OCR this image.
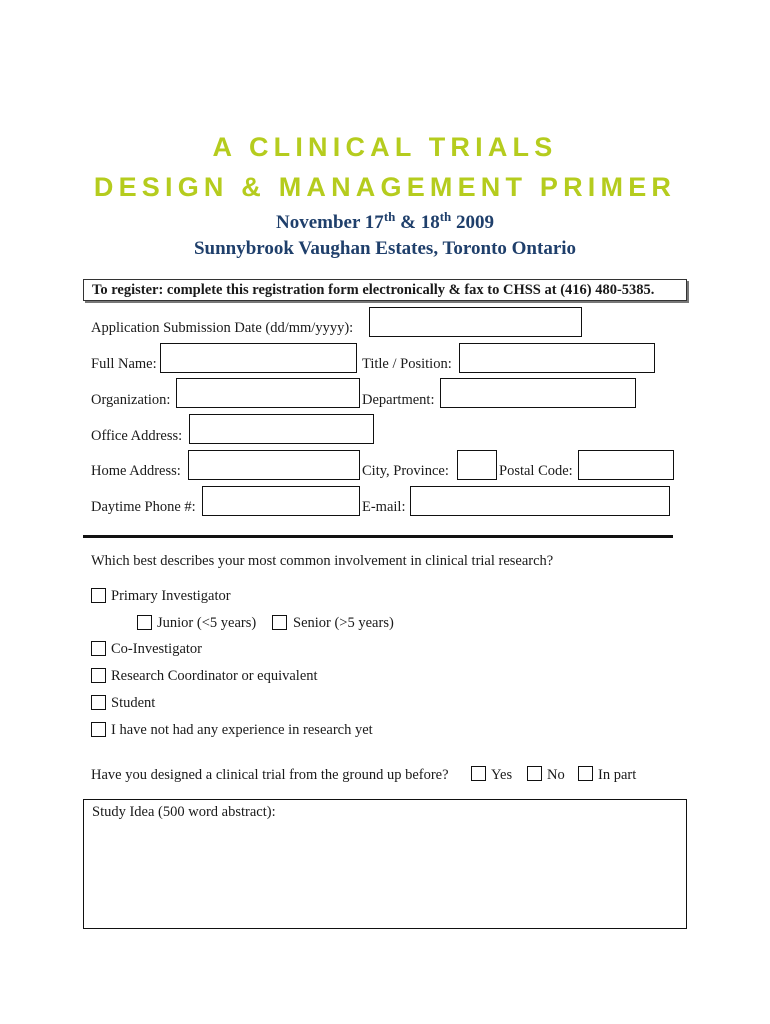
A CLINICAL TRIALS
DESIGN & MANAGEMENT PRIMER
November 17th & 18th 2009
Sunnybrook Vaughan Estates, Toronto Ontario
To register: complete this registration form electronically & fax to CHSS at (416) 480-5385.
Application Submission Date (dd/mm/yyyy):
Full Name:	Title / Position:
Organization:	Department:
Office Address:
Home Address:	City, Province:	Postal Code:
Daytime Phone #:	E-mail:
Which best describes your most common involvement in clinical trial research?
Primary Investigator
Junior (<5 years)	Senior (>5 years)
Co-Investigator
Research Coordinator or equivalent
Student
I have not had any experience in research yet
Have you designed a clinical trial from the ground up before?	Yes No In part
Study Idea (500 word abstract):
